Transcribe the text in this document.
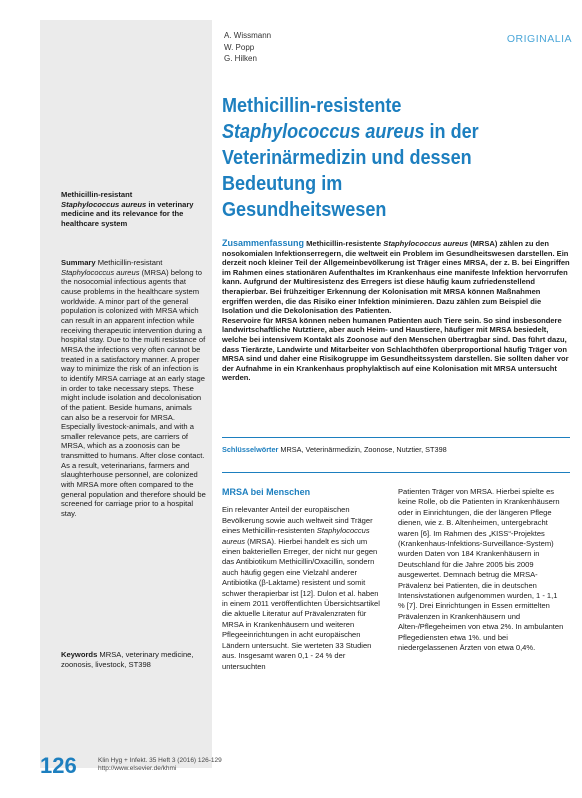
A. Wissmann
W. Popp
G. Hilken
ORIGINALIA
Methicillin-resistente
Staphylococcus aureus in der
Veterinärmedizin und dessen
Bedeutung im
Gesundheitswesen
Methicillin-resistant
Staphylococcus aureus in veterinary medicine and its relevance for the healthcare system
Summary Methicillin-resistant Staphylococcus aureus (MRSA) belong to the nosocomial infectious agents that cause problems in the healthcare system worldwide. A minor part of the general population is colonized with MRSA which can result in an apparent infection while receiving therapeutic intervention during a hospital stay. Due to the multi resistance of MRSA the infections very often cannot be treated in a satisfactory manner. A proper way to minimize the risk of an infection is to identify MRSA carriage at an early stage in order to take necessary steps. These might include isolation and decolonisation of the patient. Beside humans, animals can also be a reservoir for MRSA. Especially livestock-animals, and with a smaller relevance pets, are carriers of MRSA, which as a zoonosis can be transmitted to humans. After close contact. As a result, veterinarians, farmers and slaughterhouse personnel, are colonized with MRSA more often compared to the general population and therefore should be screened for carriage prior to a hospital stay.
Keywords MRSA, veterinary medicine, zoonosis, livestock, ST398
Zusammenfassung Methicillin-resistente Staphylococcus aureus (MRSA) zählen zu den nosokomialen Infektionserregern, die weltweit ein Problem im Gesundheitswesen darstellen. Ein derzeit noch kleiner Teil der Allgemeinbevölkerung ist Träger eines MRSA, der z. B. bei Eingriffen im Rahmen eines stationären Aufenthaltes im Krankenhaus eine manifeste Infektion hervorrufen kann. Aufgrund der Multiresistenz des Erregers ist diese häufig kaum zufriedenstellend therapierbar. Bei frühzeitiger Erkennung der Kolonisation mit MRSA können Maßnahmen ergriffen werden, die das Risiko einer Infektion minimieren. Dazu zählen zum Beispiel die Isolation und die Dekolonisation des Patienten.
Reservoire für MRSA können neben humanen Patienten auch Tiere sein. So sind insbesondere landwirtschaftliche Nutztiere, aber auch Heim- und Haustiere, häufiger mit MRSA besiedelt, welche bei intensivem Kontakt als Zoonose auf den Menschen übertragbar sind. Das führt dazu, dass Tierärzte, Landwirte und Mitarbeiter von Schlachthöfen überproportional häufig Träger von MRSA sind und daher eine Risikogruppe im Gesundheitssystem darstellen. Sie sollten daher vor der Aufnahme in ein Krankenhaus prophylaktisch auf eine Kolonisation mit MRSA untersucht werden.
Schlüsselwörter MRSA, Veterinärmedizin, Zoonose, Nutztier, ST398
MRSA bei Menschen
Ein relevanter Anteil der europäischen Bevölkerung sowie auch weltweit sind Träger eines Methicillin-resistenten Staphylococcus aureus (MRSA). Hierbei handelt es sich um einen bakteriellen Erreger, der nicht nur gegen das Antibiotikum Methicillin/Oxacillin, sondern auch häufig gegen eine Vielzahl anderer Antibiotika (β-Laktame) resistent und somit schwer therapierbar ist [12]. Dulon et al. haben in einem 2011 veröffentlichten Übersichtsartikel die aktuelle Literatur auf Prävalenzraten für MRSA in Krankenhäusern und weiteren Pflegeeinrichtungen in acht europäischen Ländern untersucht. Sie werteten 33 Studien aus. Insgesamt waren 0,1 - 24 % der untersuchten
Patienten Träger von MRSA. Hierbei spielte es keine Rolle, ob die Patienten in Krankenhäusern oder in Einrichtungen, die der längeren Pflege dienen, wie z. B. Altenheimen, untergebracht waren [6]. Im Rahmen des „KISS“-Projektes (Krankenhaus-Infektions-Surveillance-System) wurden Daten von 184 Krankenhäusern in Deutschland für die Jahre 2005 bis 2009 ausgewertet. Demnach betrug die MRSA-Prävalenz bei Patienten, die in deutschen Intensivstationen aufgenommen wurden, 1 - 1,1 % [7]. Drei Einrichtungen in Essen ermittelten Prävalenzen in Krankenhäusern und Alten-/Pflegeheimen von etwa 2%. In ambulanten Pflegediensten etwa 1%. und bei niedergelassenen Ärzten von etwa 0,4%.
126	Klin Hyg + Infekt. 35 Heft 3 (2016) 126-129
http://www.elsevier.de/khmi
